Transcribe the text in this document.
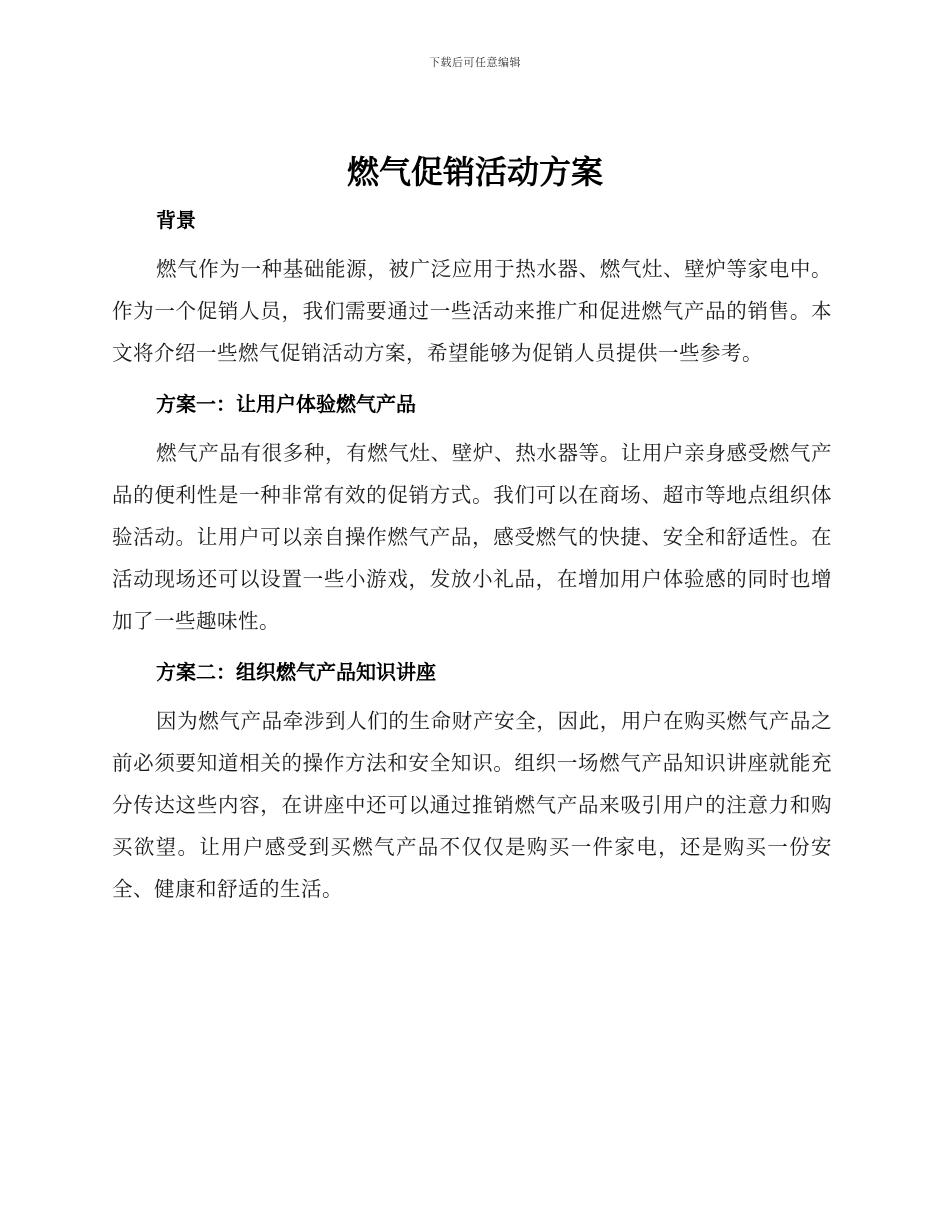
下载后可任意编辑
燃气促销活动方案
背景

燃气作为一种基础能源，被广泛应用于热水器、燃气灶、壁炉等家电中。作为一个促销人员，我们需要通过一些活动来推广和促进燃气产品的销售。本文将介绍一些燃气促销活动方案，希望能够为促销人员提供一些参考。

方案一：让用户体验燃气产品

燃气产品有很多种，有燃气灶、壁炉、热水器等。让用户亲身感受燃气产品的便利性是一种非常有效的促销方式。我们可以在商场、超市等地点组织体验活动。让用户可以亲自操作燃气产品，感受燃气的快捷、安全和舒适性。在活动现场还可以设置一些小游戏，发放小礼品，在增加用户体验感的同时也增加了一些趣味性。

方案二：组织燃气产品知识讲座

因为燃气产品牵涉到人们的生命财产安全，因此，用户在购买燃气产品之前必须要知道相关的操作方法和安全知识。组织一场燃气产品知识讲座就能充分传达这些内容，在讲座中还可以通过推销燃气产品来吸引用户的注意力和购买欲望。让用户感受到买燃气产品不仅仅是购买一件家电，还是购买一份安全、健康和舒适的生活。
